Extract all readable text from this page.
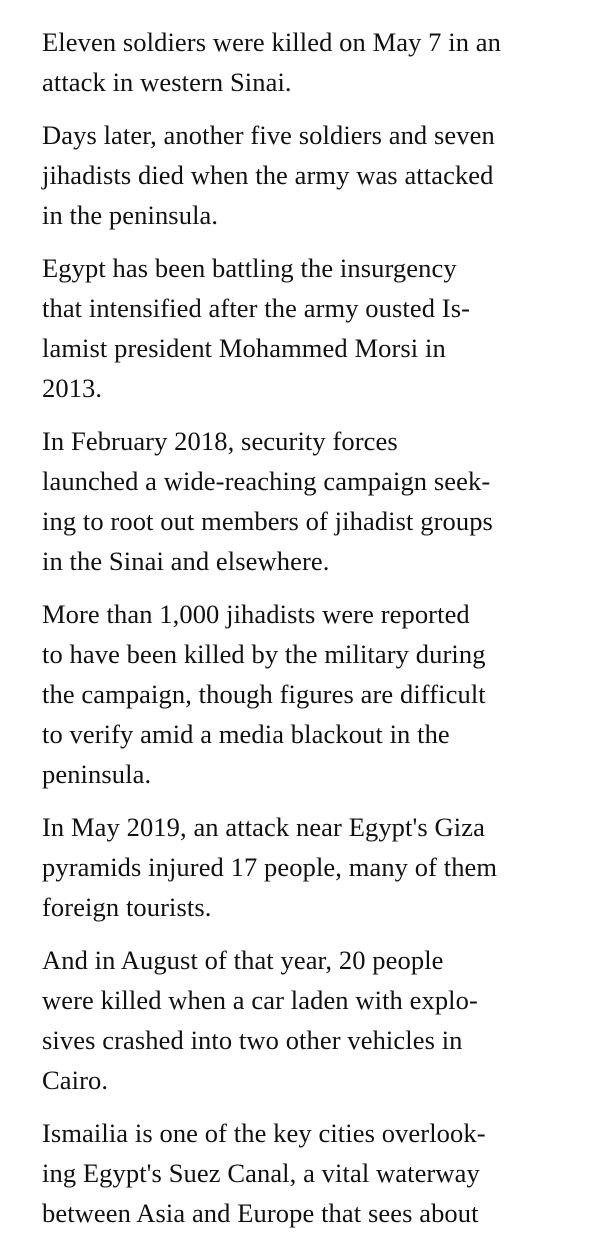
Eleven soldiers were killed on May 7 in an
attack in western Sinai.

Days later, another five soldiers and seven
jihadists died when the army was attacked
in the peninsula.

Egypt has been battling the insurgency
that intensified after the army ousted Is-
lamist president Mohammed Morsi in
2013.

In February 2018, security forces
launched a wide-reaching campaign seek-
ing to root out members of jihadist groups
in the Sinai and elsewhere.

More than 1,000 jihadists were reported
to have been killed by the military during
the campaign, though figures are difficult
to verify amid a media blackout in the
peninsula.

In May 2019, an attack near Egypt's Giza
pyramids injured 17 people, many of them
foreign tourists.

And in August of that year, 20 people
were killed when a car laden with explo-
sives crashed into two other vehicles in
Cairo.

Ismailia is one of the key cities overlook-
ing Egypt's Suez Canal, a vital waterway
between Asia and Europe that sees about
